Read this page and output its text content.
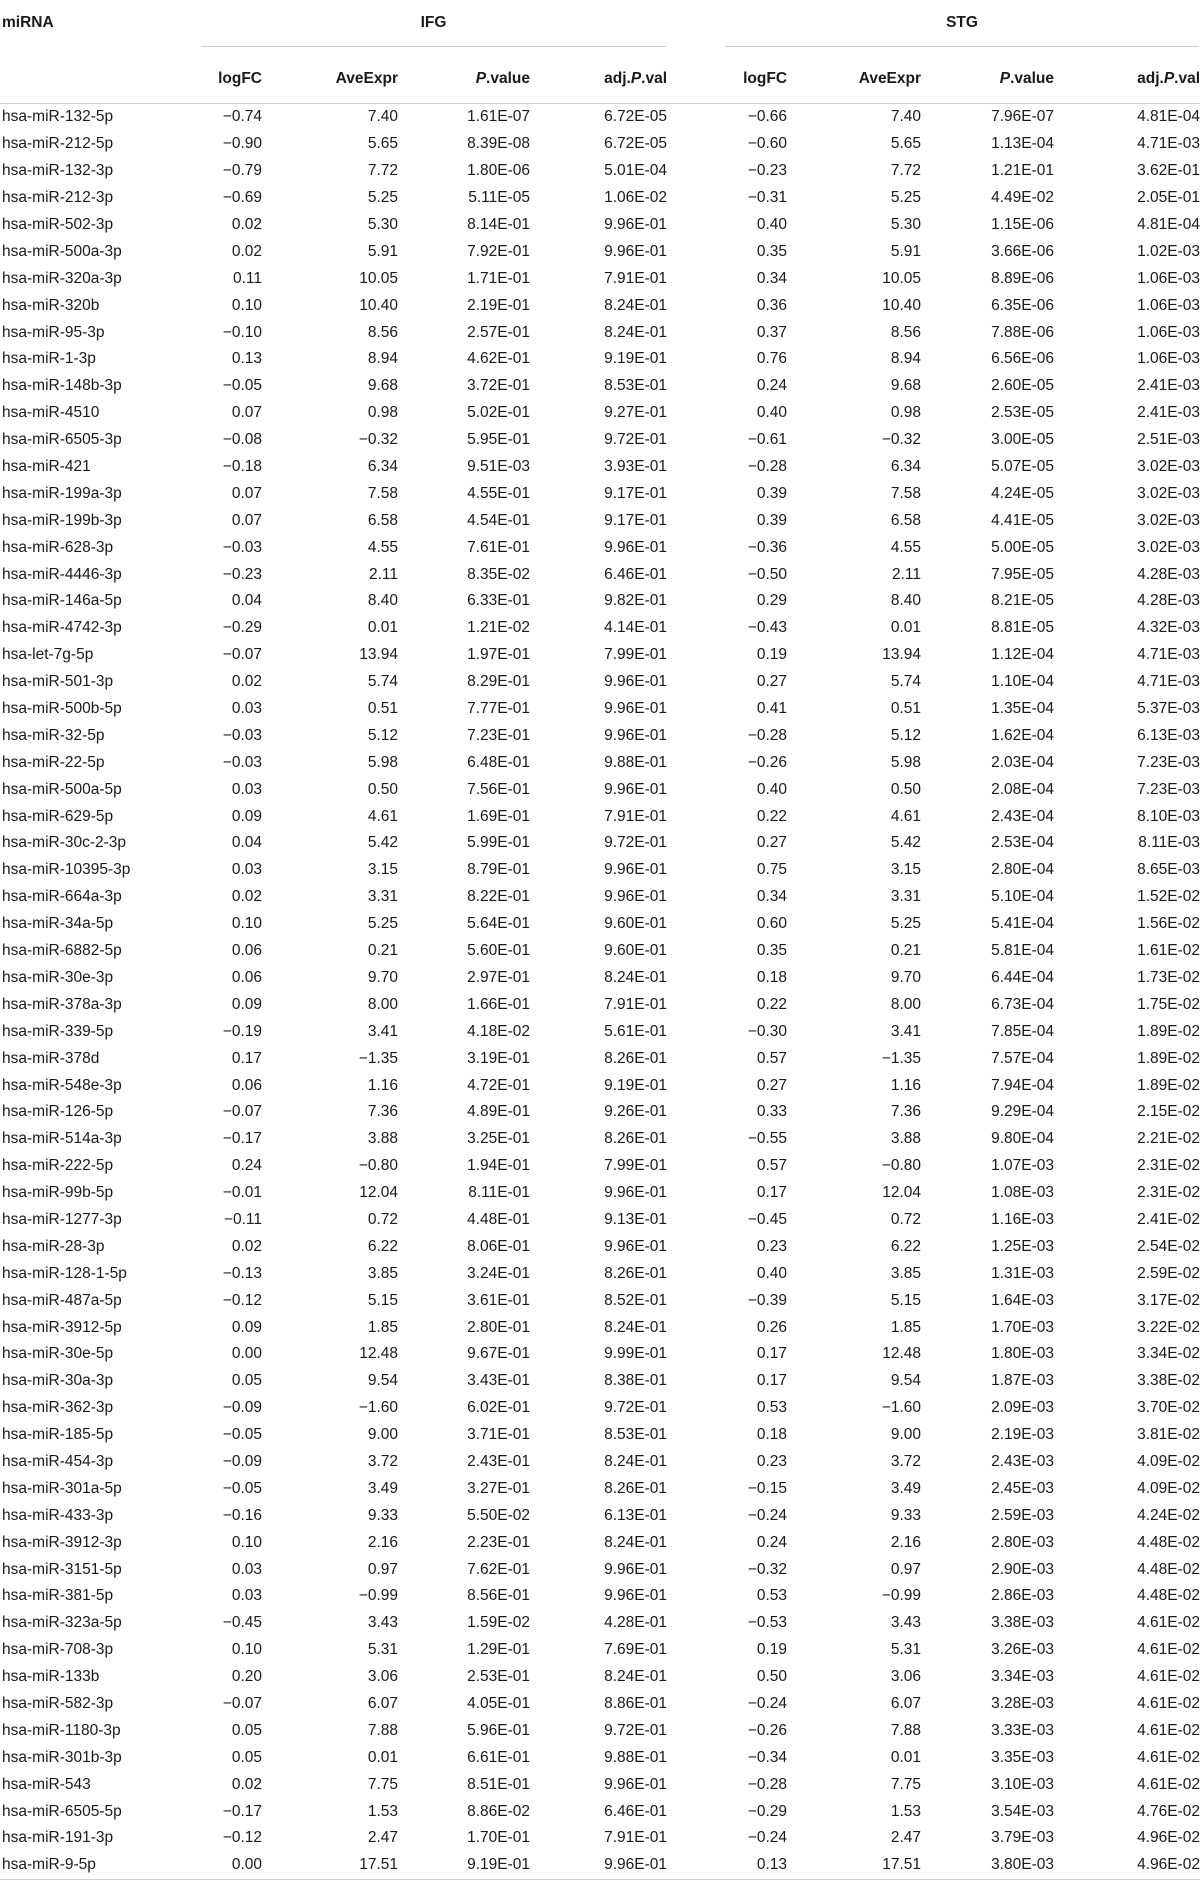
miRNA	IFG					STG			

	logFC	AveExpr	P.value	adj.P.val		logFC	AveExpr	P.value	adj.P.val
hsa-miR-132-5p	−0.74	7.40	1.61E-07	6.72E-05		−0.66	7.40	7.96E-07	4.81E-04
hsa-miR-212-5p	−0.90	5.65	8.39E-08	6.72E-05		−0.60	5.65	1.13E-04	4.71E-03
hsa-miR-132-3p	−0.79	7.72	1.80E-06	5.01E-04		−0.23	7.72	1.21E-01	3.62E-01
hsa-miR-212-3p	−0.69	5.25	5.11E-05	1.06E-02		−0.31	5.25	4.49E-02	2.05E-01
hsa-miR-502-3p	0.02	5.30	8.14E-01	9.96E-01		0.40	5.30	1.15E-06	4.81E-04
hsa-miR-500a-3p	0.02	5.91	7.92E-01	9.96E-01		0.35	5.91	3.66E-06	1.02E-03
hsa-miR-320a-3p	0.11	10.05	1.71E-01	7.91E-01		0.34	10.05	8.89E-06	1.06E-03
hsa-miR-320b	0.10	10.40	2.19E-01	8.24E-01		0.36	10.40	6.35E-06	1.06E-03
hsa-miR-95-3p	−0.10	8.56	2.57E-01	8.24E-01		0.37	8.56	7.88E-06	1.06E-03
hsa-miR-1-3p	0.13	8.94	4.62E-01	9.19E-01		0.76	8.94	6.56E-06	1.06E-03
hsa-miR-148b-3p	−0.05	9.68	3.72E-01	8.53E-01		0.24	9.68	2.60E-05	2.41E-03
hsa-miR-4510	0.07	0.98	5.02E-01	9.27E-01		0.40	0.98	2.53E-05	2.41E-03
hsa-miR-6505-3p	−0.08	−0.32	5.95E-01	9.72E-01		−0.61	−0.32	3.00E-05	2.51E-03
hsa-miR-421	−0.18	6.34	9.51E-03	3.93E-01		−0.28	6.34	5.07E-05	3.02E-03
hsa-miR-199a-3p	0.07	7.58	4.55E-01	9.17E-01		0.39	7.58	4.24E-05	3.02E-03
hsa-miR-199b-3p	0.07	6.58	4.54E-01	9.17E-01		0.39	6.58	4.41E-05	3.02E-03
hsa-miR-628-3p	−0.03	4.55	7.61E-01	9.96E-01		−0.36	4.55	5.00E-05	3.02E-03
hsa-miR-4446-3p	−0.23	2.11	8.35E-02	6.46E-01		−0.50	2.11	7.95E-05	4.28E-03
hsa-miR-146a-5p	0.04	8.40	6.33E-01	9.82E-01		0.29	8.40	8.21E-05	4.28E-03
hsa-miR-4742-3p	−0.29	0.01	1.21E-02	4.14E-01		−0.43	0.01	8.81E-05	4.32E-03
hsa-let-7g-5p	−0.07	13.94	1.97E-01	7.99E-01		0.19	13.94	1.12E-04	4.71E-03
hsa-miR-501-3p	0.02	5.74	8.29E-01	9.96E-01		0.27	5.74	1.10E-04	4.71E-03
hsa-miR-500b-5p	0.03	0.51	7.77E-01	9.96E-01		0.41	0.51	1.35E-04	5.37E-03
hsa-miR-32-5p	−0.03	5.12	7.23E-01	9.96E-01		−0.28	5.12	1.62E-04	6.13E-03
hsa-miR-22-5p	−0.03	5.98	6.48E-01	9.88E-01		−0.26	5.98	2.03E-04	7.23E-03
hsa-miR-500a-5p	0.03	0.50	7.56E-01	9.96E-01		0.40	0.50	2.08E-04	7.23E-03
hsa-miR-629-5p	0.09	4.61	1.69E-01	7.91E-01		0.22	4.61	2.43E-04	8.10E-03
hsa-miR-30c-2-3p	0.04	5.42	5.99E-01	9.72E-01		0.27	5.42	2.53E-04	8.11E-03
hsa-miR-10395-3p	0.03	3.15	8.79E-01	9.96E-01		0.75	3.15	2.80E-04	8.65E-03
hsa-miR-664a-3p	0.02	3.31	8.22E-01	9.96E-01		0.34	3.31	5.10E-04	1.52E-02
hsa-miR-34a-5p	0.10	5.25	5.64E-01	9.60E-01		0.60	5.25	5.41E-04	1.56E-02
hsa-miR-6882-5p	0.06	0.21	5.60E-01	9.60E-01		0.35	0.21	5.81E-04	1.61E-02
hsa-miR-30e-3p	0.06	9.70	2.97E-01	8.24E-01		0.18	9.70	6.44E-04	1.73E-02
hsa-miR-378a-3p	0.09	8.00	1.66E-01	7.91E-01		0.22	8.00	6.73E-04	1.75E-02
hsa-miR-339-5p	−0.19	3.41	4.18E-02	5.61E-01		−0.30	3.41	7.85E-04	1.89E-02
hsa-miR-378d	0.17	−1.35	3.19E-01	8.26E-01		0.57	−1.35	7.57E-04	1.89E-02
hsa-miR-548e-3p	0.06	1.16	4.72E-01	9.19E-01		0.27	1.16	7.94E-04	1.89E-02
hsa-miR-126-5p	−0.07	7.36	4.89E-01	9.26E-01		0.33	7.36	9.29E-04	2.15E-02
hsa-miR-514a-3p	−0.17	3.88	3.25E-01	8.26E-01		−0.55	3.88	9.80E-04	2.21E-02
hsa-miR-222-5p	0.24	−0.80	1.94E-01	7.99E-01		0.57	−0.80	1.07E-03	2.31E-02
hsa-miR-99b-5p	−0.01	12.04	8.11E-01	9.96E-01		0.17	12.04	1.08E-03	2.31E-02
hsa-miR-1277-3p	−0.11	0.72	4.48E-01	9.13E-01		−0.45	0.72	1.16E-03	2.41E-02
hsa-miR-28-3p	0.02	6.22	8.06E-01	9.96E-01		0.23	6.22	1.25E-03	2.54E-02
hsa-miR-128-1-5p	−0.13	3.85	3.24E-01	8.26E-01		0.40	3.85	1.31E-03	2.59E-02
hsa-miR-487a-5p	−0.12	5.15	3.61E-01	8.52E-01		−0.39	5.15	1.64E-03	3.17E-02
hsa-miR-3912-5p	0.09	1.85	2.80E-01	8.24E-01		0.26	1.85	1.70E-03	3.22E-02
hsa-miR-30e-5p	0.00	12.48	9.67E-01	9.99E-01		0.17	12.48	1.80E-03	3.34E-02
hsa-miR-30a-3p	0.05	9.54	3.43E-01	8.38E-01		0.17	9.54	1.87E-03	3.38E-02
hsa-miR-362-3p	−0.09	−1.60	6.02E-01	9.72E-01		0.53	−1.60	2.09E-03	3.70E-02
hsa-miR-185-5p	−0.05	9.00	3.71E-01	8.53E-01		0.18	9.00	2.19E-03	3.81E-02
hsa-miR-454-3p	−0.09	3.72	2.43E-01	8.24E-01		0.23	3.72	2.43E-03	4.09E-02
hsa-miR-301a-5p	−0.05	3.49	3.27E-01	8.26E-01		−0.15	3.49	2.45E-03	4.09E-02
hsa-miR-433-3p	−0.16	9.33	5.50E-02	6.13E-01		−0.24	9.33	2.59E-03	4.24E-02
hsa-miR-3912-3p	0.10	2.16	2.23E-01	8.24E-01		0.24	2.16	2.80E-03	4.48E-02
hsa-miR-3151-5p	0.03	0.97	7.62E-01	9.96E-01		−0.32	0.97	2.90E-03	4.48E-02
hsa-miR-381-5p	0.03	−0.99	8.56E-01	9.96E-01		0.53	−0.99	2.86E-03	4.48E-02
hsa-miR-323a-5p	−0.45	3.43	1.59E-02	4.28E-01		−0.53	3.43	3.38E-03	4.61E-02
hsa-miR-708-3p	0.10	5.31	1.29E-01	7.69E-01		0.19	5.31	3.26E-03	4.61E-02
hsa-miR-133b	0.20	3.06	2.53E-01	8.24E-01		0.50	3.06	3.34E-03	4.61E-02
hsa-miR-582-3p	−0.07	6.07	4.05E-01	8.86E-01		−0.24	6.07	3.28E-03	4.61E-02
hsa-miR-1180-3p	0.05	7.88	5.96E-01	9.72E-01		−0.26	7.88	3.33E-03	4.61E-02
hsa-miR-301b-3p	0.05	0.01	6.61E-01	9.88E-01		−0.34	0.01	3.35E-03	4.61E-02
hsa-miR-543	0.02	7.75	8.51E-01	9.96E-01		−0.28	7.75	3.10E-03	4.61E-02
hsa-miR-6505-5p	−0.17	1.53	8.86E-02	6.46E-01		−0.29	1.53	3.54E-03	4.76E-02
hsa-miR-191-3p	−0.12	2.47	1.70E-01	7.91E-01		−0.24	2.47	3.79E-03	4.96E-02
hsa-miR-9-5p	0.00	17.51	9.19E-01	9.96E-01		0.13	17.51	3.80E-03	4.96E-02
